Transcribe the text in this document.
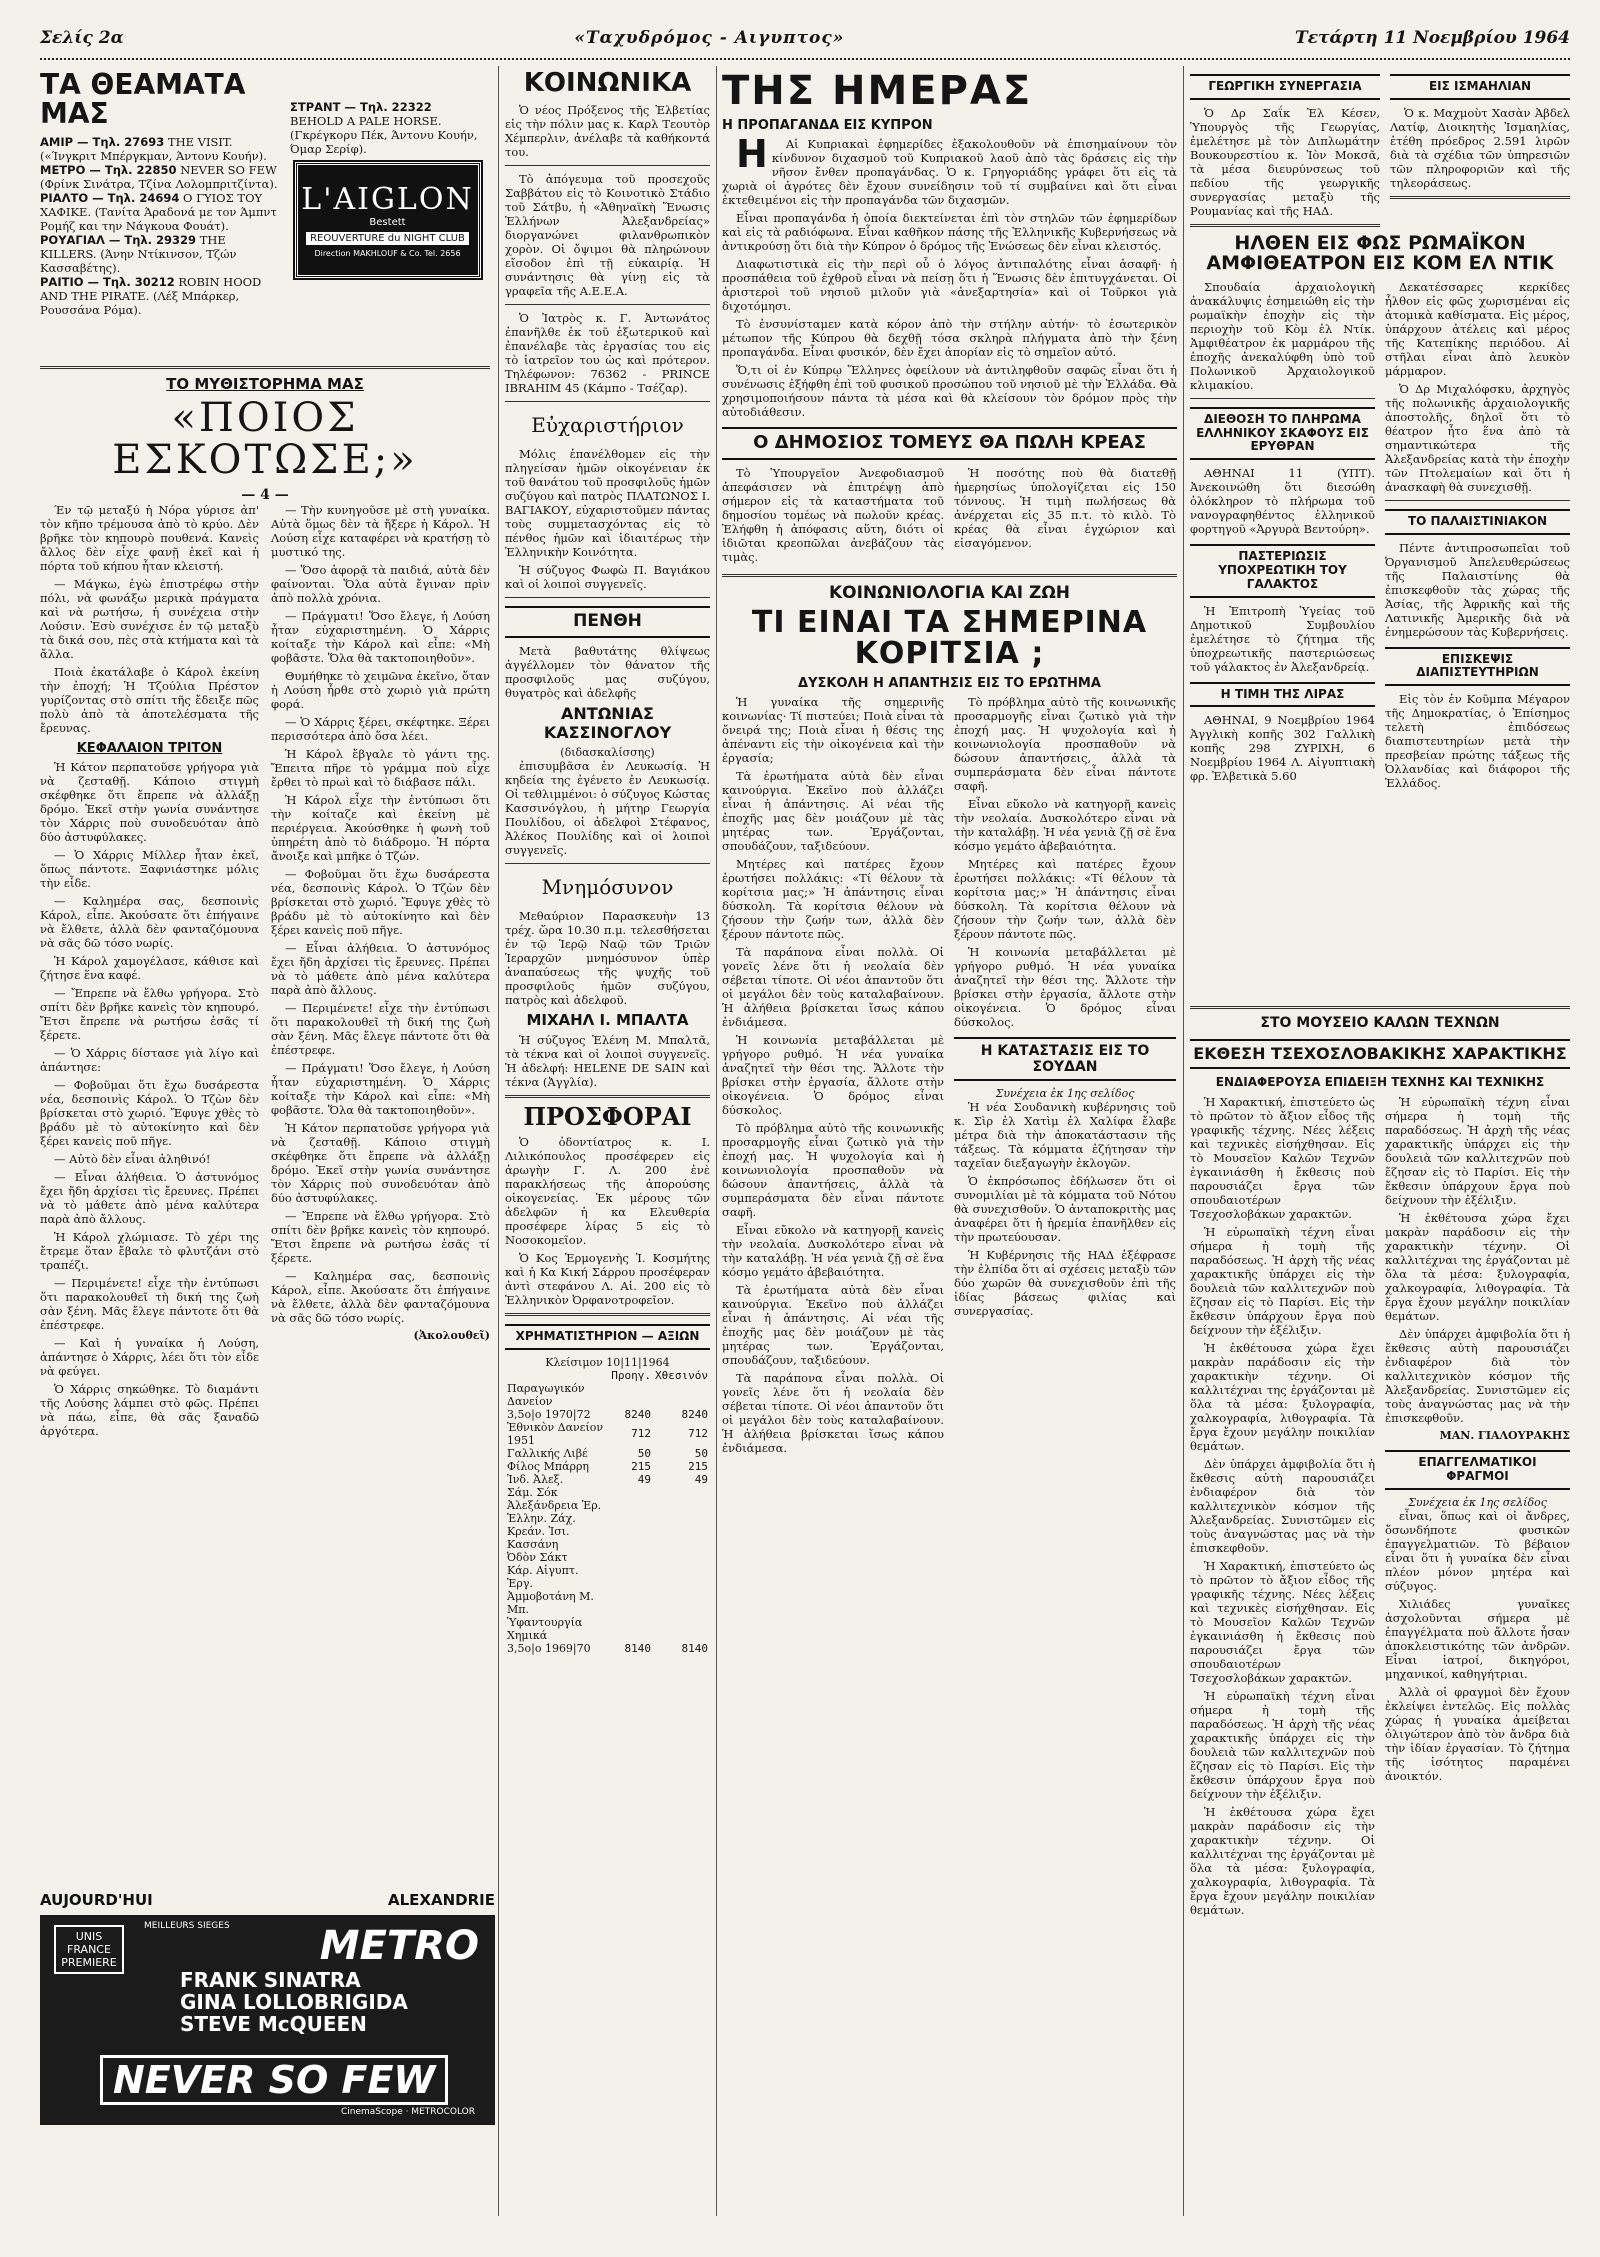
Σελίς 2α	«Ταχυδρόμος - Αιγυπτος»	Τετάρτη 11 Νοεμβρίου 1964
ΤΑ ΘΕΑΜΑΤΑ ΜΑΣ
ΑΜΙΡ — Τηλ. 27693 THE VISIT. («Ίνγκριτ Μπέργκμαν, Άντονυ Κουήν).
ΜΕΤΡΟ — Τηλ. 22850 NEVER SO FEW (Φρίνκ Σινάτρα, Τζίνα Λολομπριτζίντα).
ΡΙΑΛΤΟ — Τηλ. 24694 Ο ΓΥΙΟΣ ΤΟΥ ΧΑΦΙΚΕ. (Τανίτα Άραδονά με τον Άμπντ Ρομήζ και την Νάγκουα Φουάτ).
ΡΟΥΑΓΙΑΛ — Τηλ. 29329 THE KILLERS. (Άνην Ντίκινσον, Τζών Κασσαβέτης).
ΡΑΙΤΙΟ — Τηλ. 30212 ROBIN HOOD AND THE PIRATE. (Λέξ Μπάρκερ, Ρουσσάνα Ρόμα).
ΣΤΡΑΝΤ — Τηλ. 22322 BEHOLD A PALE HORSE. (Γκρέγκορυ Πέκ, Άντονυ Κουήν, Όμαρ Σερίφ).
L'AIGLON
Bestett
REOUVERTURE du NIGHT CLUB
Direction MAKHLOUF & Co. Tel. 2656
ΤΟ ΜΥΘΙΣΤΟΡΗΜΑ ΜΑΣ
«ΠΟΙΟΣ ΕΣΚΟΤΩΣΕ;»
— 4 —

Έν τῷ μεταξύ ἡ Νόρα γύρισε ἀπ' τὸν κῆπο τρέμουσα ἀπὸ τὸ κρύο. Δὲν βρῆκε τὸν κηπουρὸ πουθενά. Κανεὶς ἄλλος δὲν εἶχε φανῇ ἐκεῖ καὶ ἡ πόρτα τοῦ κήπου ἦταν κλειστή.

— Μάγκω, ἐγὼ ἐπιστρέφω στὴν πόλι, νὰ φωνάξω μερικὰ πράγματα καὶ νὰ ρωτήσω, ἡ συνέχεια στὴν Λούσιν. Ἐσὺ συνέχισε ἐν τῷ μεταξὺ τὰ δικά σου, πὲς στὰ κτήματα καὶ τὰ ἄλλα.

Ποιὰ ἐκατάλαβε ὁ Κάρολ ἐκείνη τὴν ἐποχή; Ἡ Τζούλια Πρέστον γυρίζοντας στὸ σπίτι τῆς ἔδειξε πῶς πολὺ ἀπὸ τὰ ἀποτελέσματα τῆς ἔρευνας.

ΚΕΦΑΛΑΙΟΝ ΤΡΙΤΟΝ

Ἡ Κάτον περπατοῦσε γρήγορα γιὰ νὰ ζεσταθῇ. Κάποιο στιγμὴ σκέφθηκε ὅτι ἔπρεπε νὰ ἀλλάξῃ δρόμο. Ἐκεῖ στὴν γωνία συνάντησε τὸν Χάρρις ποὺ συνοδευόταν ἀπὸ δύο ἀστυφύλακες.

— Ὁ Χάρρις Μίλλερ ἦταν ἐκεῖ, ὅπως πάντοτε. Ξαφνιάστηκε μόλις τὴν εἶδε.

— Καλημέρα σας, δεσποινὶς Κάρολ, εἶπε. Ἀκούσατε ὅτι ἐπήγαινε νὰ ἔλθετε, ἀλλὰ δὲν φανταζόμουνα νὰ σᾶς δῶ τόσο νωρίς.

Ἡ Κάρολ χαμογέλασε, κάθισε καὶ ζήτησε ἕνα καφέ.

— Ἔπρεπε νὰ ἔλθω γρήγορα. Στὸ σπίτι δὲν βρῆκε κανεὶς τὸν κηπουρό. Ἔτσι ἔπρεπε νὰ ρωτήσω ἐσᾶς τί ξέρετε.

— Ὁ Χάρρις δίστασε γιὰ λίγο καὶ ἀπάντησε:

— Φοβοῦμαι ὅτι ἔχω δυσάρεστα νέα, δεσποινὶς Κάρολ. Ὁ Τζὼν δὲν βρίσκεται στὸ χωριό. Ἔφυγε χθὲς τὸ βράδυ μὲ τὸ αὐτοκίνητο καὶ δὲν ξέρει κανεὶς ποῦ πῆγε.

— Αὐτὸ δὲν εἶναι ἀληθινό!

— Εἶναι ἀλήθεια. Ὁ ἀστυνόμος ἔχει ἤδη ἀρχίσει τὶς ἔρευνες. Πρέπει νὰ τὸ μάθετε ἀπὸ μένα καλύτερα παρὰ ἀπὸ ἄλλους.

Ἡ Κάρολ χλώμιασε. Τὸ χέρι της ἔτρεμε ὅταν ἔβαλε τὸ φλυτζάνι στὸ τραπέζι.

— Περιμένετε! εἶχε τὴν ἐντύπωσι ὅτι παρακολουθεῖ τὴ δική της ζωὴ σὰν ξένη. Μᾶς ἔλεγε πάντοτε ὅτι θὰ ἐπέστρεφε.

— Καὶ ἡ γυναίκα ἡ Λούση, ἀπάντησε ὁ Χάρρις, λέει ὅτι τὸν εἶδε νὰ φεύγει.

Ὁ Χάρρις σηκώθηκε. Τὸ διαμάντι τῆς Λούσης λάμπει στὸ φῶς. Πρέπει νὰ πάω, εἶπε, θὰ σᾶς ξαναδῶ ἀργότερα.

— Τὴν κυνηγοῦσε μὲ στὴ γυναίκα. Αὐτὰ ὅμως δὲν τὰ ἤξερε ἡ Κάρολ. Ἡ Λούση εἶχε καταφέρει νὰ κρατήσῃ τὸ μυστικό της.

— Ὅσο ἀφορᾷ τὰ παιδιά, αὐτὰ δὲν φαίνονται. Ὅλα αὐτὰ ἔγιναν πρὶν ἀπὸ πολλὰ χρόνια.

— Πράγματι! Ὅσο ἔλεγε, ἡ Λούση ἦταν εὐχαριστημένη. Ὁ Χάρρις κοίταξε τὴν Κάρολ καὶ εἶπε: «Μὴ φοβᾶστε. Ὅλα θὰ τακτοποιηθοῦν».

Θυμήθηκε τὸ χειμῶνα ἐκεῖνο, ὅταν ἡ Λούση ἦρθε στὸ χωριὸ γιὰ πρώτη φορά.

— Ὁ Χάρρις ξέρει, σκέφτηκε. Ξέρει περισσότερα ἀπὸ ὅσα λέει.

Ἡ Κάρολ ἔβγαλε τὸ γάντι της. Ἔπειτα πῆρε τὸ γράμμα ποὺ εἶχε ἔρθει τὸ πρωὶ καὶ τὸ διάβασε πάλι.

Ἡ Κάρολ εἶχε τὴν ἐντύπωσι ὅτι τὴν κοίταζε καὶ ἐκείνη μὲ περιέργεια. Ἀκούσθηκε ἡ φωνὴ τοῦ ὑπηρέτη ἀπὸ τὸ διάδρομο. Ἡ πόρτα ἄνοιξε καὶ μπῆκε ὁ Τζών.

— Φοβοῦμαι ὅτι ἔχω δυσάρεστα νέα, δεσποινὶς Κάρολ. Ὁ Τζὼν δὲν βρίσκεται στὸ χωριό. Ἔφυγε χθὲς τὸ βράδυ μὲ τὸ αὐτοκίνητο καὶ δὲν ξέρει κανεὶς ποῦ πῆγε.

— Εἶναι ἀλήθεια. Ὁ ἀστυνόμος ἔχει ἤδη ἀρχίσει τὶς ἔρευνες. Πρέπει νὰ τὸ μάθετε ἀπὸ μένα καλύτερα παρὰ ἀπὸ ἄλλους.

— Περιμένετε! εἶχε τὴν ἐντύπωσι ὅτι παρακολουθεῖ τὴ δική της ζωὴ σὰν ξένη. Μᾶς ἔλεγε πάντοτε ὅτι θὰ ἐπέστρεφε.

— Πράγματι! Ὅσο ἔλεγε, ἡ Λούση ἦταν εὐχαριστημένη. Ὁ Χάρρις κοίταξε τὴν Κάρολ καὶ εἶπε: «Μὴ φοβᾶστε. Ὅλα θὰ τακτοποιηθοῦν».

Ἡ Κάτον περπατοῦσε γρήγορα γιὰ νὰ ζεσταθῇ. Κάποιο στιγμὴ σκέφθηκε ὅτι ἔπρεπε νὰ ἀλλάξῃ δρόμο. Ἐκεῖ στὴν γωνία συνάντησε τὸν Χάρρις ποὺ συνοδευόταν ἀπὸ δύο ἀστυφύλακες.

— Ἔπρεπε νὰ ἔλθω γρήγορα. Στὸ σπίτι δὲν βρῆκε κανεὶς τὸν κηπουρό. Ἔτσι ἔπρεπε νὰ ρωτήσω ἐσᾶς τί ξέρετε.

— Καλημέρα σας, δεσποινὶς Κάρολ, εἶπε. Ἀκούσατε ὅτι ἐπήγαινε νὰ ἔλθετε, ἀλλὰ δὲν φανταζόμουνα νὰ σᾶς δῶ τόσο νωρίς.

(Ἀκολουθεῖ)
AUJOURD'HUI	ALEXANDRIE
UNIS FRANCE PREMIERE
MEILLEURS SIEGES METRO
FRANK SINATRA
GINA LOLLOBRIGIDA
STEVE McQUEEN
NEVER SO FEW
CinemaScope · METROCOLOR
ΚΟΙΝΩΝΙΚΑ

Ὁ νέος Πρόξενος τῆς Ἑλβετίας εἰς τὴν πόλιν μας κ. Καρλ Τεουτὸρ Χέμπερλιν, ἀνέλαβε τὰ καθήκοντά του.

Τὸ ἀπόγευμα τοῦ προσεχοῦς Σαββάτου εἰς τὸ Κοινοτικὸ Στάδιο τοῦ Σάτβυ, ἡ «Ἀθηναϊκὴ Ἕνωσις Ἑλλήνων Ἀλεξανδρείας» διοργανώνει φιλανθρωπικὸν χορὸν. Οἱ ὄψιμοι θὰ πληρώνουν εἴσοδον ἐπὶ τῇ εὐκαιρίᾳ. Ἡ συνάντησις θὰ γίνῃ εἰς τὰ γραφεῖα τῆς Α.Ε.Ε.Α.

Ὁ Ἰατρὸς κ. Γ. Ἀντωνάτος ἐπανῆλθε ἐκ τοῦ ἐξωτερικοῦ καὶ ἐπανέλαβε τὰς ἐργασίας του εἰς τὸ ἰατρεῖον του ὡς καὶ πρότερον. Τηλέφωνον: 76362 - PRINCE IBRAHIM 45 (Κάμπο - Τσέζαρ).

Εὐχαριστήριον

Μόλις ἐπανέλθομεν εἰς τὴν πληγείσαν ἡμῶν οἰκογένειαν ἐκ τοῦ θανάτου τοῦ προσφιλοῦς ἡμῶν συζύγου καὶ πατρὸς ΠΛΑΤΩΝΟΣ Ι. ΒΑΓΙΑΚΟΥ, εὐχαριστοῦμεν πάντας τοὺς συμμετασχόντας εἰς τὸ πένθος ἡμῶν καὶ ἰδιαιτέρως τὴν Ἑλληνικὴν Κοινότητα.

Ἡ σύζυγος Φωφὼ Π. Βαγιάκου καὶ οἱ λοιποὶ συγγενεῖς.

ΠΕΝΘΗ

Μετὰ βαθυτάτης θλίψεως ἀγγέλλομεν τὸν θάνατον τῆς προσφιλοῦς μας συζύγου, θυγατρὸς καὶ ἀδελφῆς

ΑΝΤΩΝΙΑΣ ΚΑΣΣΙΝΟΓΛΟΥ
(διδασκαλίσσης)

ἐπισυμβᾶσα ἐν Λευκωσίᾳ. Ἡ κηδεία της ἐγένετο ἐν Λευκωσίᾳ. Οἱ τεθλιμμένοι: ὁ σύζυγος Κώστας Κασσινόγλου, ἡ μήτηρ Γεωργία Πουλίδου, οἱ ἀδελφοὶ Στέφανος, Ἀλέκος Πουλίδης καὶ οἱ λοιποὶ συγγενεῖς.

Μνημόσυνον

Μεθαύριον Παρασκευὴν 13 τρέχ. ὥρα 10.30 π.μ. τελεσθήσεται ἐν τῷ Ἱερῷ Ναῷ τῶν Τριῶν Ἱεραρχῶν μνημόσυνον ὑπὲρ ἀναπαύσεως τῆς ψυχῆς τοῦ προσφιλοῦς ἡμῶν συζύγου, πατρὸς καὶ ἀδελφοῦ.

ΜΙΧΑΗΛ Ι. ΜΠΑΛΤΑ

Ἡ σύζυγος Ἑλένη Μ. Μπαλτᾶ, τὰ τέκνα καὶ οἱ λοιποὶ συγγενεῖς. Ἡ ἀδελφή: HELENE DE SAIN καὶ τέκνα (Ἀγγλία).

ΠΡΟΣΦΟΡΑΙ

Ὁ ὀδοντίατρος κ. Ι. Λιλικόπουλος προσέφερεν εἰς ἀρωγὴν Γ. Λ. 200 ἐνὲ παρακλήσεως τῆς ἀπορούσης οἰκογενείας. Ἐκ μέρους τῶν ἀδελφῶν ἡ κα Ελευθερία προσέφερε λίρας 5 εἰς τὸ Νοσοκομεῖον.

Ὁ Κος Ἑρμογενὴς Ἰ. Κοσμήτης καὶ ἡ Κα Κική Σάρρου προσέφεραν ἀντὶ στεφάνου Λ. Αἰ. 200 εἰς τὸ Ἑλληνικὸν Ὀρφανοτροφεῖον.

ΧΡΗΜΑΤΙΣΤΗΡΙΟΝ — ΑΞΙΩΝ
Κλείσιμον 10|11|1964
	Προηγ.	Χθεσινόν
Παραγωγικόν Δανείον		
3,5ο|ο 1970|72	8240	8240
Ἐθνικὸν Δανείον 1951	712	712
Γαλλικής Λιβέ	50	50
Φίλος Μπάρρη	215	215
Ἰνδ. Ἀλεξ.	49	49
Σάμ. Σόκ		
Ἀλεξάνδρεια Ἐρ.		
Ἑλλην. Ζάχ.		
Κρεάν. Ἰσι.		
Κασσάνη		
Ὀδὸν Σάκτ		
Κάρ. Αἰγυπτ. Ἐργ.		
Ἀμμοβοτάνη Μ. Μπ.		
Ὑφαντουργία		
Χημικά		
3,5ο|ο 1969|70	8140	8140
ΤΗΣ ΗΜΕΡΑΣ
Η ΠΡΟΠΑΓΑΝΔΑ ΕΙΣ ΚΥΠΡΟΝ

Η	Αἱ Κυπριακαὶ ἐφημερίδες ἐξακολουθοῦν νὰ ἐπισημαίνουν τὸν κίνδυνον διχασμοῦ τοῦ Κυπριακοῦ λαοῦ ἀπὸ τὰς δράσεις εἰς τὴν νῆσον ἔνθεν προπαγάνδας. Ὁ κ. Γρηγοριάδης γράφει ὅτι εἰς τὰ χωριὰ οἱ ἀγρότες δὲν ἔχουν συνείδησιν τοῦ τί συμβαίνει καὶ ὅτι εἶναι ἐκτεθειμένοι εἰς τὴν προπαγάνδα τῶν διχασμῶν.

Εἶναι προπαγάνδα ἡ ὁποία διεκτείνεται ἐπὶ τὸν στηλῶν τῶν ἐφημερίδων καὶ εἰς τὰ ραδιόφωνα. Εἶναι καθῆκον πάσης τῆς Ἑλληνικῆς Κυβερνήσεως νὰ ἀντικρούσῃ ὅτι διὰ τὴν Κύπρον ὁ δρόμος τῆς Ἑνώσεως δὲν εἶναι κλειστός.

Διαφωτιστικὰ εἰς τὴν περὶ οὗ ὁ λόγος ἀντιπαλότης εἶναι ἀσαφῆ· ἡ προσπάθεια τοῦ ἐχθροῦ εἶναι νὰ πείσῃ ὅτι ἡ Ἕνωσις δὲν ἐπιτυγχάνεται. Οἱ ἀριστεροὶ τοῦ νησιοῦ μιλοῦν γιὰ «ἀνεξαρτησία» καὶ οἱ Τοῦρκοι γιὰ διχοτόμησι.

Τὸ ἐνσυνίσταμεν κατὰ κόρον ἀπὸ τὴν στήλην αὐτήν· τὸ ἐσωτερικὸν μέτωπον τῆς Κύπρου θὰ δεχθῇ τόσα σκληρὰ πλήγματα ἀπὸ τὴν ξένη προπαγάνδα. Εἶναι φυσικόν, δὲν ἔχει ἀπορίαν εἰς τὸ σημεῖον αὐτό.

Ὅ,τι οἱ ἐν Κύπρῳ Ἕλληνες ὀφείλουν νὰ ἀντιληφθοῦν σαφῶς εἶναι ὅτι ἡ συνένωσις ἐξήφθη ἐπὶ τοῦ φυσικοῦ προσώπου τοῦ νησιοῦ μὲ τὴν Ἑλλάδα. Θὰ χρησιμοποιήσουν πάντα τὰ μέσα καὶ θὰ κλείσουν τὸν δρόμον πρὸς τὴν αὐτοδιάθεσιν.

Ο ΔΗΜΟΣΙΟΣ ΤΟΜΕΥΣ ΘΑ ΠΩΛΗ ΚΡΕΑΣ

Τὸ Ὑπουργεῖον Ἀνεφοδιασμοῦ ἀπεφάσισεν νὰ ἐπιτρέψῃ ἀπὸ σήμερον εἰς τὰ καταστήματα τοῦ δημοσίου τομέως νὰ πωλοῦν κρέας. Ἐλήφθη ἡ ἀπόφασις αὕτη, διότι οἱ ἰδιῶται κρεοπῶλαι ἀνεβάζουν τὰς τιμὰς.

Ἡ ποσότης ποὺ θὰ διατεθῇ ἡμερησίως ὑπολογίζεται εἰς 150 τόννους. Ἡ τιμὴ πωλήσεως θὰ ἀνέρχεται εἰς 35 π.τ. τὸ κιλὸ. Τὸ κρέας θὰ εἶναι ἐγχώριον καὶ εἰσαγόμενον.

ΚΟΙΝΩΝΙΟΛΟΓΙΑ ΚΑΙ ΖΩΗ
ΤΙ ΕΙΝΑΙ ΤΑ ΣΗΜΕΡΙΝΑ ΚΟΡΙΤΣΙΑ ;
ΔΥΣΚΟΛΗ Η ΑΠΑΝΤΗΣΙΣ ΕΙΣ ΤΟ ΕΡΩΤΗΜΑ

Ἡ γυναίκα τῆς σημερινῆς κοινωνίας· Τί πιστεύει; Ποιὰ εἶναι τὰ ὄνειρά της; Ποιὰ εἶναι ἡ θέσις της ἀπέναντι εἰς τὴν οἰκογένεια καὶ τὴν ἐργασία;

Τὰ ἐρωτήματα αὐτὰ δὲν εἶναι καινούργια. Ἐκεῖνο ποὺ ἀλλάζει εἶναι ἡ ἀπάντησις. Αἱ νέαι τῆς ἐποχῆς μας δὲν μοιάζουν μὲ τὰς μητέρας των. Ἐργάζονται, σπουδάζουν, ταξιδεύουν.

Μητέρες καὶ πατέρες ἔχουν ἐρωτήσει πολλάκις: «Τί θέλουν τὰ κορίτσια μας;» Ἡ ἀπάντησις εἶναι δύσκολη. Τὰ κορίτσια θέλουν νὰ ζήσουν τὴν ζωήν των, ἀλλὰ δὲν ξέρουν πάντοτε πῶς.

Τὰ παράπονα εἶναι πολλὰ. Οἱ γονεῖς λένε ὅτι ἡ νεολαία δὲν σέβεται τίποτε. Οἱ νέοι ἀπαντοῦν ὅτι οἱ μεγάλοι δὲν τοὺς καταλαβαίνουν. Ἡ ἀλήθεια βρίσκεται ἴσως κάπου ἐνδιάμεσα.

Ἡ κοινωνία μεταβάλλεται μὲ γρήγορο ρυθμό. Ἡ νέα γυναίκα ἀναζητεῖ τὴν θέσι της. Ἄλλοτε τὴν βρίσκει στὴν ἐργασία, ἄλλοτε στὴν οἰκογένεια. Ὁ δρόμος εἶναι δύσκολος.

Τὸ πρόβλημα αὐτὸ τῆς κοινωνικῆς προσαρμογῆς εἶναι ζωτικὸ γιὰ τὴν ἐποχή μας. Ἡ ψυχολογία καὶ ἡ κοινωνιολογία προσπαθοῦν νὰ δώσουν ἀπαντήσεις, ἀλλὰ τὰ συμπεράσματα δὲν εἶναι πάντοτε σαφῆ.

Εἶναι εὔκολο νὰ κατηγορῇ κανεὶς τὴν νεολαία. Δυσκολότερο εἶναι νὰ τὴν καταλάβῃ. Ἡ νέα γενιὰ ζῇ σὲ ἕνα κόσμο γεμάτο ἀβεβαιότητα.

Τὰ ἐρωτήματα αὐτὰ δὲν εἶναι καινούργια. Ἐκεῖνο ποὺ ἀλλάζει εἶναι ἡ ἀπάντησις. Αἱ νέαι τῆς ἐποχῆς μας δὲν μοιάζουν μὲ τὰς μητέρας των. Ἐργάζονται, σπουδάζουν, ταξιδεύουν.

Τὰ παράπονα εἶναι πολλὰ. Οἱ γονεῖς λένε ὅτι ἡ νεολαία δὲν σέβεται τίποτε. Οἱ νέοι ἀπαντοῦν ὅτι οἱ μεγάλοι δὲν τοὺς καταλαβαίνουν. Ἡ ἀλήθεια βρίσκεται ἴσως κάπου ἐνδιάμεσα.

Τὸ πρόβλημα αὐτὸ τῆς κοινωνικῆς προσαρμογῆς εἶναι ζωτικὸ γιὰ τὴν ἐποχή μας. Ἡ ψυχολογία καὶ ἡ κοινωνιολογία προσπαθοῦν νὰ δώσουν ἀπαντήσεις, ἀλλὰ τὰ συμπεράσματα δὲν εἶναι πάντοτε σαφῆ.

Εἶναι εὔκολο νὰ κατηγορῇ κανεὶς τὴν νεολαία. Δυσκολότερο εἶναι νὰ τὴν καταλάβῃ. Ἡ νέα γενιὰ ζῇ σὲ ἕνα κόσμο γεμάτο ἀβεβαιότητα.

Μητέρες καὶ πατέρες ἔχουν ἐρωτήσει πολλάκις: «Τί θέλουν τὰ κορίτσια μας;» Ἡ ἀπάντησις εἶναι δύσκολη. Τὰ κορίτσια θέλουν νὰ ζήσουν τὴν ζωήν των, ἀλλὰ δὲν ξέρουν πάντοτε πῶς.

Ἡ κοινωνία μεταβάλλεται μὲ γρήγορο ρυθμό. Ἡ νέα γυναίκα ἀναζητεῖ τὴν θέσι της. Ἄλλοτε τὴν βρίσκει στὴν ἐργασία, ἄλλοτε στὴν οἰκογένεια. Ὁ δρόμος εἶναι δύσκολος.

Η ΚΑΤΑΣΤΑΣΙΣ ΕΙΣ ΤΟ ΣΟΥΔΑΝ
Συνέχεια ἐκ 1ης σελίδος

Ἡ νέα Σουδανικὴ κυβέρνησις τοῦ κ. Σὶρ ἐλ Χατὶμ ἐλ Χαλίφα ἔλαβε μέτρα διὰ τὴν ἀποκατάστασιν τῆς τάξεως. Τὰ κόμματα ἐζήτησαν τὴν ταχεῖαν διεξαγωγὴν ἐκλογῶν.

Ὁ ἐκπρόσωπος ἐδήλωσεν ὅτι οἱ συνομιλίαι μὲ τὰ κόμματα τοῦ Νότου θὰ συνεχισθοῦν. Ὁ ἀνταποκριτὴς μας ἀναφέρει ὅτι ἡ ἠρεμία ἐπανῆλθεν εἰς τὴν πρωτεύουσαν.

Ἡ Κυβέρνησις τῆς ΗΑΔ ἐξέφρασε τὴν ἐλπίδα ὅτι αἱ σχέσεις μεταξὺ τῶν δύο χωρῶν θὰ συνεχισθοῦν ἐπὶ τῆς ἰδίας βάσεως φιλίας καὶ συνεργασίας.

ΓΕΩΡΓΙΚΗ ΣΥΝΕΡΓΑΣΙΑ

Ὁ Δρ Σαΐκ Ἐλ Κέσεν, Ὑπουργὸς τῆς Γεωργίας, ἐμελέτησε μὲ τὸν Διπλωμάτην Βουκουρεστίου κ. Ἰὸν Μοκσᾶ, τὰ μέσα διευρύνσεως τοῦ πεδίου τῆς γεωργικῆς συνεργασίας μεταξὺ τῆς Ρουμανίας καὶ τῆς ΗΑΔ.

ΕΙΣ ΙΣΜΑΗΛΙΑΝ

Ὁ κ. Μαχμοὺτ Χασὰν Ἀβδελ Λατίφ, Διοικητὴς Ἰσμαηλίας, ἐτέθη πρόεδρος 2.591 λιρῶν διὰ τὰ σχέδια τῶν ὑπηρεσιῶν τῶν πληροφοριῶν καὶ τῆς τηλεοράσεως.

ΗΛΘΕΝ ΕΙΣ ΦΩΣ ΡΩΜΑΪΚΟΝ ΑΜΦΙΘΕΑΤΡΟΝ ΕΙΣ ΚΟΜ ΕΛ ΝΤΙΚ

Σπουδαία ἀρχαιολογικὴ ἀνακάλυψις ἐσημειώθη εἰς τὴν ρωμαϊκὴν ἐποχὴν εἰς τὴν περιοχὴν τοῦ Κὸμ ἐλ Ντίκ. Ἀμφιθέατρον ἐκ μαρμάρου τῆς ἐποχῆς ἀνεκαλύφθη ὑπὸ τοῦ Πολωνικοῦ Ἀρχαιολογικοῦ κλιμακίου.

ΔΙΕΘΟΣΗ ΤΟ ΠΛΗΡΩΜΑ ΕΛΛΗΝΙΚΟΥ ΣΚΑΦΟΥΣ ΕΙΣ ΕΡΥΘΡΑΝ

ΑΘΗΝΑΙ 11 (ΥΠΤ). Ἀνεκοινώθη ὅτι διεσώθη ὁλόκληρον τὸ πλήρωμα τοῦ νανογραφηθέντος ἑλληνικοῦ φορτηγοῦ «Ἀργυρὰ Βεντούρη».

ΠΑΣΤΕΡΙΩΣΙΣ ΥΠΟΧΡΕΩΤΙΚΗ ΤΟΥ ΓΑΛΑΚΤΟΣ

Ἡ Ἐπιτροπὴ Ὑγείας τοῦ Δημοτικοῦ Συμβουλίου ἐμελέτησε τὸ ζήτημα τῆς ὑποχρεωτικῆς παστεριώσεως τοῦ γάλακτος ἐν Ἀλεξανδρείᾳ.

Η ΤΙΜΗ ΤΗΣ ΛΙΡΑΣ

ΑΘΗΝΑΙ, 9 Νοεμβρίου 1964 Ἀγγλικὴ κοπῆς 302 Γαλλικὴ κοπῆς 298 ΖΥΡΙΧΗ, 6 Νοεμβρίου 1964 Λ. Αἰγυπτιακὴ φρ. Ἑλβετικὰ 5.60

Δεκατέσσαρες κερκίδες ἦλθον εἰς φῶς χωρισμέναι εἰς ἀτομικὰ καθίσματα. Εἰς μέρος, ὑπάρχουν ἀτέλεις καὶ μέρος τῆς Κατεπίκης περιόδου. Αἱ στῆλαι εἶναι ἀπὸ λευκὸν μάρμαρον.

Ὁ Δρ Μιχαλόφσκυ, ἀρχηγὸς τῆς πολωνικῆς ἀρχαιολογικῆς ἀποστολῆς, δηλοῖ ὅτι τὸ θέατρον ἦτο ἕνα ἀπὸ τὰ σημαντικώτερα τῆς Ἀλεξανδρείας κατὰ τὴν ἐποχὴν τῶν Πτολεμαίων καὶ ὅτι ἡ ἀνασκαφὴ θὰ συνεχισθῇ.

ΤΟ ΠΑΛΑΙΣΤΙΝΙΑΚΟΝ

Πέντε ἀντιπροσωπεῖαι τοῦ Ὀργανισμοῦ Ἀπελευθερώσεως τῆς Παλαιστίνης θὰ ἐπισκεφθοῦν τὰς χώρας τῆς Ἀσίας, τῆς Ἀφρικῆς καὶ τῆς Λατινικῆς Ἀμερικῆς διὰ νὰ ἐνημερώσουν τὰς Κυβερνήσεις.

ΕΠΙΣΚΕΨΙΣ ΔΙΑΠΙΣΤΕΥΤΗΡΙΩΝ

Εἰς τὸν ἐν Κοῦμπα Μέγαρον τῆς Δημοκρατίας, ὁ Ἐπίσημος τελετὴ ἐπιδόσεως διαπιστευτηρίων μετὰ τὴν πρεσβείαν πρώτης τάξεως τῆς Ὀλλανδίας καὶ διάφοροι τῆς Ἑλλάδος.

ΣΤΟ ΜΟΥΣΕΙΟ ΚΑΛΩΝ ΤΕΧΝΩΝ
ΕΚΘΕΣΗ ΤΣΕΧΟΣΛΟΒΑΚΙΚΗΣ ΧΑΡΑΚΤΙΚΗΣ
ΕΝΔΙΑΦΕΡΟΥΣΑ ΕΠΙΔΕΙΞΗ ΤΕΧΝΗΣ ΚΑΙ ΤΕΧΝΙΚΗΣ

Ἡ Χαρακτική, ἐπιστεύετο ὡς τὸ πρῶτον τὸ ἄξιον εἶδος τῆς γραφικῆς τέχνης. Νέες λέξεις καὶ τεχνικὲς εἰσήχθησαν. Εἰς τὸ Μουσεῖον Καλῶν Τεχνῶν ἐγκαινιάσθη ἡ ἔκθεσις ποὺ παρουσιάζει ἔργα τῶν σπουδαιοτέρων Τσεχοσλοβάκων χαρακτῶν.

Ἡ εὐρωπαϊκὴ τέχνη εἶναι σήμερα ἡ τομὴ τῆς παραδόσεως. Ἡ ἀρχὴ τῆς νέας χαρακτικῆς ὑπάρχει εἰς τὴν δουλειὰ τῶν καλλιτεχνῶν ποὺ ἔζησαν εἰς τὸ Παρίσι. Εἰς τὴν ἔκθεσιν ὑπάρχουν ἔργα ποὺ δείχνουν τὴν ἐξέλιξιν.

Ἡ ἐκθέτουσα χώρα ἔχει μακρὰν παράδοσιν εἰς τὴν χαρακτικὴν τέχνην. Οἱ καλλιτέχναι της ἐργάζονται μὲ ὅλα τὰ μέσα: ξυλογραφία, χαλκογραφία, λιθογραφία. Τὰ ἔργα ἔχουν μεγάλην ποικιλίαν θεμάτων.

Δὲν ὑπάρχει ἀμφιβολία ὅτι ἡ ἔκθεσις αὐτὴ παρουσιάζει ἐνδιαφέρον διὰ τὸν καλλιτεχνικὸν κόσμον τῆς Ἀλεξανδρείας. Συνιστῶμεν εἰς τοὺς ἀναγνώστας μας νὰ τὴν ἐπισκεφθοῦν.

Ἡ Χαρακτική, ἐπιστεύετο ὡς τὸ πρῶτον τὸ ἄξιον εἶδος τῆς γραφικῆς τέχνης. Νέες λέξεις καὶ τεχνικὲς εἰσήχθησαν. Εἰς τὸ Μουσεῖον Καλῶν Τεχνῶν ἐγκαινιάσθη ἡ ἔκθεσις ποὺ παρουσιάζει ἔργα τῶν σπουδαιοτέρων Τσεχοσλοβάκων χαρακτῶν.

Ἡ εὐρωπαϊκὴ τέχνη εἶναι σήμερα ἡ τομὴ τῆς παραδόσεως. Ἡ ἀρχὴ τῆς νέας χαρακτικῆς ὑπάρχει εἰς τὴν δουλειὰ τῶν καλλιτεχνῶν ποὺ ἔζησαν εἰς τὸ Παρίσι. Εἰς τὴν ἔκθεσιν ὑπάρχουν ἔργα ποὺ δείχνουν τὴν ἐξέλιξιν.

Ἡ ἐκθέτουσα χώρα ἔχει μακρὰν παράδοσιν εἰς τὴν χαρακτικὴν τέχνην. Οἱ καλλιτέχναι της ἐργάζονται μὲ ὅλα τὰ μέσα: ξυλογραφία, χαλκογραφία, λιθογραφία. Τὰ ἔργα ἔχουν μεγάλην ποικιλίαν θεμάτων.

Ἡ εὐρωπαϊκὴ τέχνη εἶναι σήμερα ἡ τομὴ τῆς παραδόσεως. Ἡ ἀρχὴ τῆς νέας χαρακτικῆς ὑπάρχει εἰς τὴν δουλειὰ τῶν καλλιτεχνῶν ποὺ ἔζησαν εἰς τὸ Παρίσι. Εἰς τὴν ἔκθεσιν ὑπάρχουν ἔργα ποὺ δείχνουν τὴν ἐξέλιξιν.

Ἡ ἐκθέτουσα χώρα ἔχει μακρὰν παράδοσιν εἰς τὴν χαρακτικὴν τέχνην. Οἱ καλλιτέχναι της ἐργάζονται μὲ ὅλα τὰ μέσα: ξυλογραφία, χαλκογραφία, λιθογραφία. Τὰ ἔργα ἔχουν μεγάλην ποικιλίαν θεμάτων.

Δὲν ὑπάρχει ἀμφιβολία ὅτι ἡ ἔκθεσις αὐτὴ παρουσιάζει ἐνδιαφέρον διὰ τὸν καλλιτεχνικὸν κόσμον τῆς Ἀλεξανδρείας. Συνιστῶμεν εἰς τοὺς ἀναγνώστας μας νὰ τὴν ἐπισκεφθοῦν.

ΜΑΝ. ΓΙΑΛΟΥΡΑΚΗΣ
ΕΠΑΓΓΕΛΜΑΤΙΚΟΙ ΦΡΑΓΜΟΙ
Συνέχεια ἐκ 1ης σελίδος

εἶναι, ὅπως καὶ οἱ ἄνδρες, ὅσωνδήποτε φυσικῶν ἐπαγγελματιῶν. Τὸ βέβαιον εἶναι ὅτι ἡ γυναίκα δὲν εἶναι πλέον μόνον μητέρα καὶ σύζυγος.

Χιλιάδες γυναῖκες ἀσχολοῦνται σήμερα μὲ ἐπαγγέλματα ποὺ ἄλλοτε ἦσαν ἀποκλειστικότης τῶν ἀνδρῶν. Εἶναι ἰατροί, δικηγόροι, μηχανικοί, καθηγήτριαι.

Ἀλλὰ οἱ φραγμοὶ δὲν ἔχουν ἐκλείψει ἐντελῶς. Εἰς πολλὰς χώρας ἡ γυναίκα ἀμείβεται ὀλιγώτερον ἀπὸ τὸν ἄνδρα διὰ τὴν ἰδίαν ἐργασίαν. Τὸ ζήτημα τῆς ἰσότητος παραμένει ἀνοικτόν.
